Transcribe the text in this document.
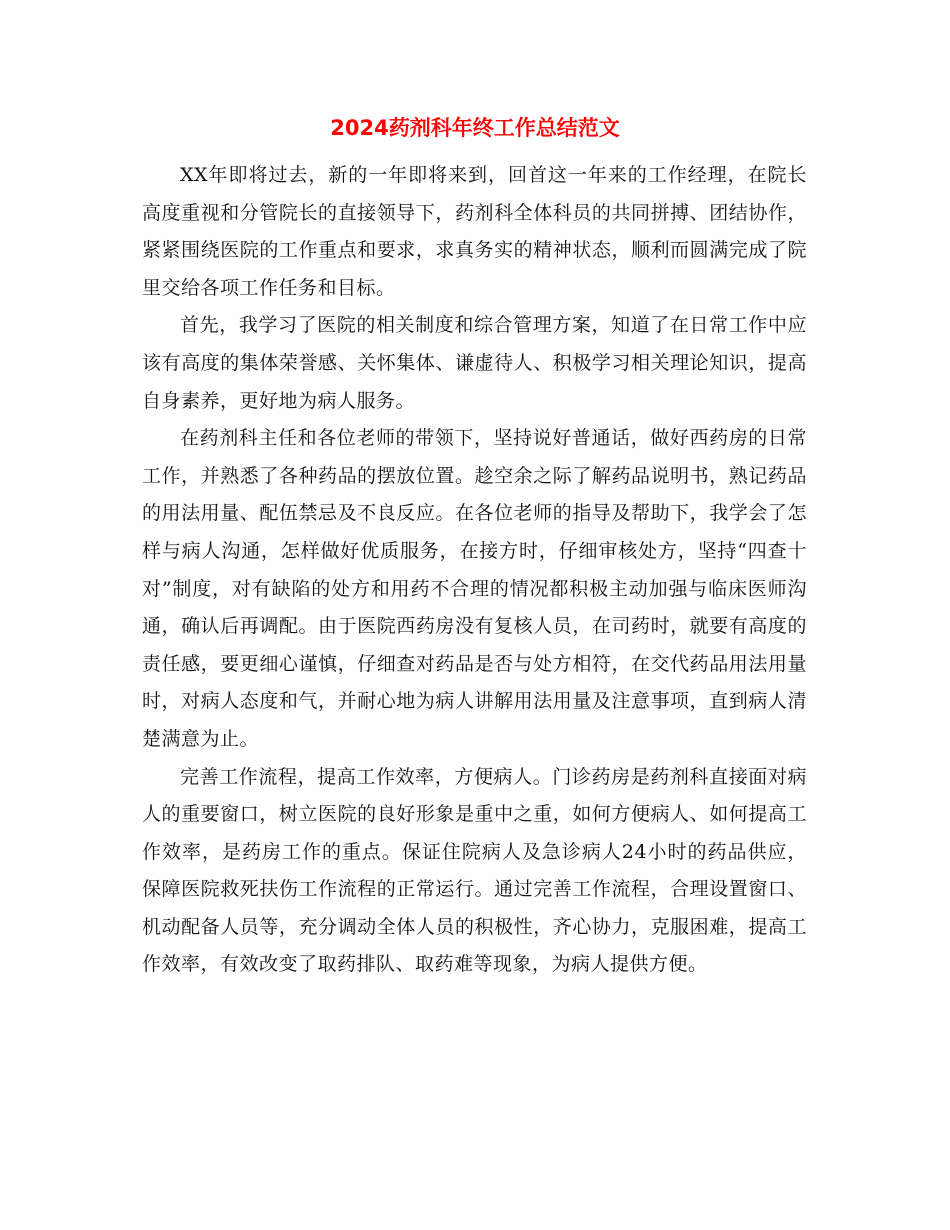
2024药剂科年终工作总结范文

XX年即将过去，新的一年即将来到，回首这一年来的工作经理，在院长高度重视和分管院长的直接领导下，药剂科全体科员的共同拼搏、团结协作，紧紧围绕医院的工作重点和要求，求真务实的精神状态，顺利而圆满完成了院里交给各项工作任务和目标。

首先，我学习了医院的相关制度和综合管理方案，知道了在日常工作中应该有高度的集体荣誉感、关怀集体、谦虚待人、积极学习相关理论知识，提高自身素养，更好地为病人服务。

在药剂科主任和各位老师的带领下，坚持说好普通话，做好西药房的日常工作，并熟悉了各种药品的摆放位置。趁空余之际了解药品说明书，熟记药品的用法用量、配伍禁忌及不良反应。在各位老师的指导及帮助下，我学会了怎样与病人沟通，怎样做好优质服务，在接方时，仔细审核处方，坚持“四查十对”制度，对有缺陷的处方和用药不合理的情况都积极主动加强与临床医师沟通，确认后再调配。由于医院西药房没有复核人员，在司药时，就要有高度的责任感，要更细心谨慎，仔细查对药品是否与处方相符，在交代药品用法用量时，对病人态度和气，并耐心地为病人讲解用法用量及注意事项，直到病人清楚满意为止。

完善工作流程，提高工作效率，方便病人。门诊药房是药剂科直接面对病人的重要窗口，树立医院的良好形象是重中之重，如何方便病人、如何提高工作效率，是药房工作的重点。保证住院病人及急诊病人24小时的药品供应，保障医院救死扶伤工作流程的正常运行。通过完善工作流程，合理设置窗口、机动配备人员等，充分调动全体人员的积极性，齐心协力，克服困难，提高工作效率，有效改变了取药排队、取药难等现象，为病人提供方便。
